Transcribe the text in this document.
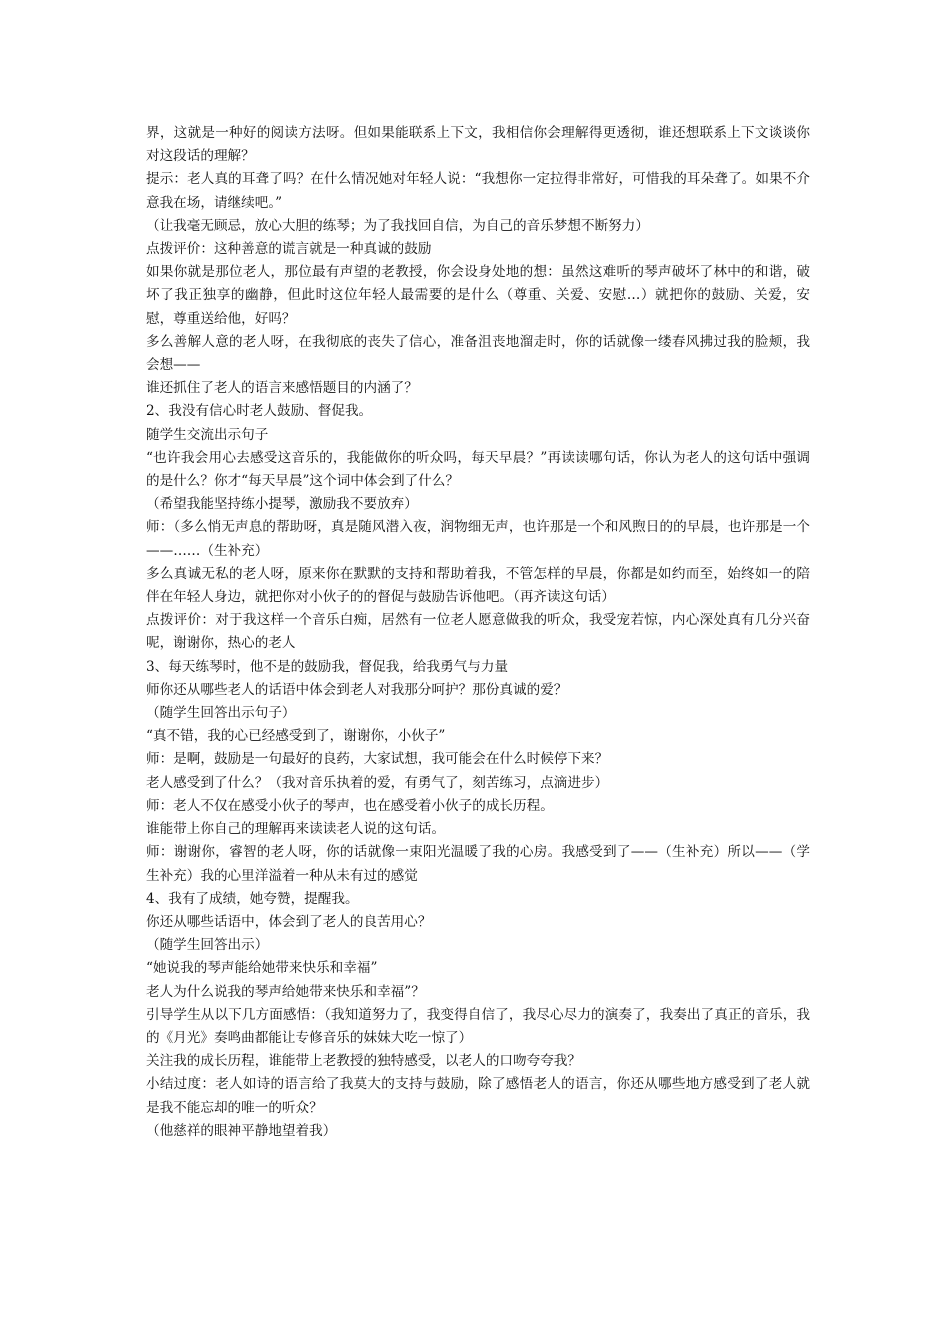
界，这就是一种好的阅读方法呀。但如果能联系上下文，我相信你会理解得更透彻，谁还想联系上下文谈谈你对这段话的理解？

提示：老人真的耳聋了吗？在什么情况她对年轻人说：“我想你一定拉得非常好，可惜我的耳朵聋了。如果不介意我在场，请继续吧。”

（让我毫无顾忌，放心大胆的练琴；为了我找回自信，为自己的音乐梦想不断努力）

点拨评价：这种善意的谎言就是一种真诚的鼓励

如果你就是那位老人，那位最有声望的老教授，你会设身处地的想：虽然这难听的琴声破坏了林中的和谐，破坏了我正独享的幽静，但此时这位年轻人最需要的是什么（尊重、关爱、安慰…）就把你的鼓励、关爱，安慰，尊重送给他，好吗？

多么善解人意的老人呀，在我彻底的丧失了信心，准备沮丧地溜走时，你的话就像一缕春风拂过我的脸颊，我会想——

谁还抓住了老人的语言来感悟题目的内涵了？

2、我没有信心时老人鼓励、督促我。

随学生交流出示句子

“也许我会用心去感受这音乐的，我能做你的听众吗，每天早晨？”再读读哪句话，你认为老人的这句话中强调的是什么？你才“每天早晨”这个词中体会到了什么？

（希望我能坚持练小提琴，激励我不要放弃）

师：（多么悄无声息的帮助呀，真是随风潜入夜，润物细无声，也许那是一个和风煦日的的早晨，也许那是一个——……（生补充）

多么真诚无私的老人呀，原来你在默默的支持和帮助着我，不管怎样的早晨，你都是如约而至，始终如一的陪伴在年轻人身边，就把你对小伙子的的督促与鼓励告诉他吧。（再齐读这句话）

点拨评价：对于我这样一个音乐白痴，居然有一位老人愿意做我的听众，我受宠若惊，内心深处真有几分兴奋呢，谢谢你，热心的老人

3、每天练琴时，他不是的鼓励我，督促我，给我勇气与力量

师你还从哪些老人的话语中体会到老人对我那分呵护？那份真诚的爱？

（随学生回答出示句子）

“真不错，我的心已经感受到了，谢谢你，小伙子”

师：是啊，鼓励是一句最好的良药，大家试想，我可能会在什么时候停下来？

老人感受到了什么？（我对音乐执着的爱，有勇气了，刻苦练习，点滴进步）

师：老人不仅在感受小伙子的琴声，也在感受着小伙子的成长历程。

谁能带上你自己的理解再来读读老人说的这句话。

师：谢谢你，睿智的老人呀，你的话就像一束阳光温暖了我的心房。我感受到了——（生补充）所以——（学生补充）我的心里洋溢着一种从未有过的感觉

4、我有了成绩，她夸赞，提醒我。

你还从哪些话语中，体会到了老人的良苦用心？

（随学生回答出示）

“她说我的琴声能给她带来快乐和幸福”

老人为什么说我的琴声给她带来快乐和幸福”？

引导学生从以下几方面感悟：（我知道努力了，我变得自信了，我尽心尽力的演奏了，我奏出了真正的音乐，我的《月光》奏鸣曲都能让专修音乐的妹妹大吃一惊了）

关注我的成长历程，谁能带上老教授的独特感受，以老人的口吻夸夸我？

小结过度：老人如诗的语言给了我莫大的支持与鼓励，除了感悟老人的语言，你还从哪些地方感受到了老人就是我不能忘却的唯一的听众？

（他慈祥的眼神平静地望着我）
